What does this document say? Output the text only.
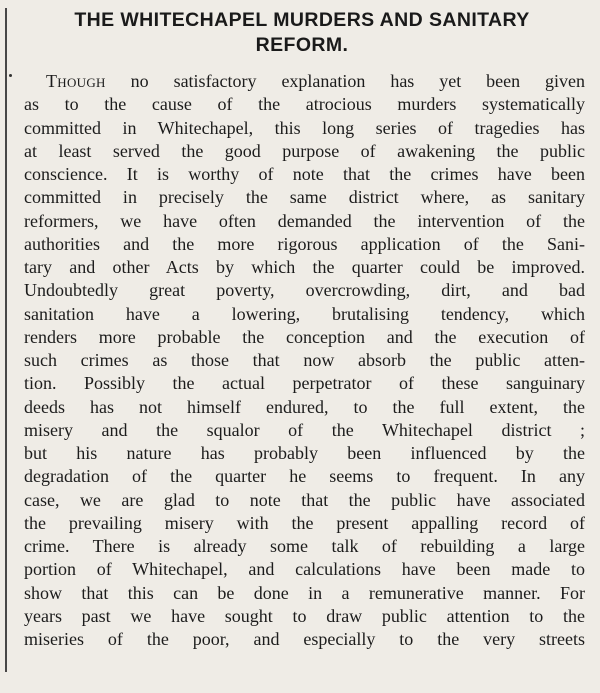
THE WHITECHAPEL MURDERS AND SANITARY
REFORM.
Though no satisfactory explanation has yet been given
as to the cause of the atrocious murders systematically
committed in Whitechapel, this long series of tragedies has
at least served the good purpose of awakening the public
conscience. It is worthy of note that the crimes have been
committed in precisely the same district where, as sanitary
reformers, we have often demanded the intervention of the
authorities and the more rigorous application of the Sani-
tary and other Acts by which the quarter could be improved.
Undoubtedly great poverty, overcrowding, dirt, and bad
sanitation have a lowering, brutalising tendency, which
renders more probable the conception and the execution of
such crimes as those that now absorb the public atten-
tion. Possibly the actual perpetrator of these sanguinary
deeds has not himself endured, to the full extent, the
misery and the squalor of the Whitechapel district ;
but his nature has probably been influenced by the
degradation of the quarter he seems to frequent. In any
case, we are glad to note that the public have associated
the prevailing misery with the present appalling record of
crime. There is already some talk of rebuilding a large
portion of Whitechapel, and calculations have been made to
show that this can be done in a remunerative manner. For
years past we have sought to draw public attention to the
miseries of the poor, and especially to the very streets
